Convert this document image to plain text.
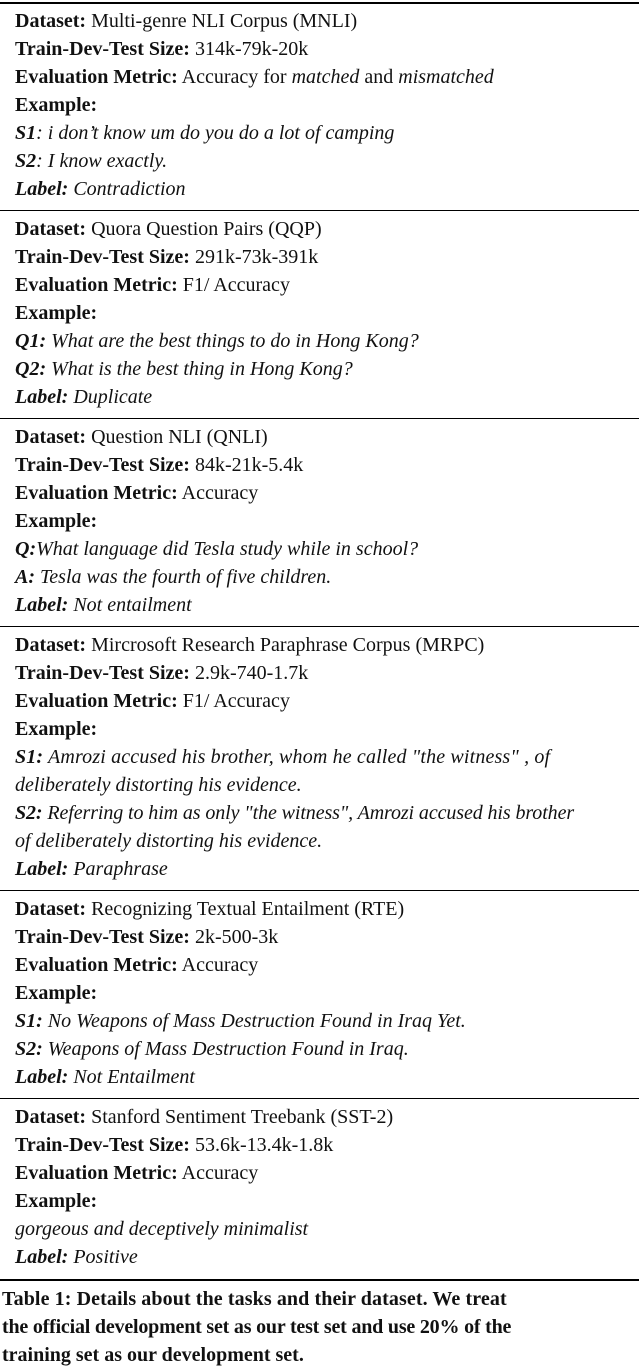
Dataset: Multi-genre NLI Corpus (MNLI)
Train-Dev-Test Size: 314k-79k-20k
Evaluation Metric: Accuracy for matched and mismatched
Example:
S1: i don’t know um do you do a lot of camping
S2: I know exactly.
Label: Contradiction
Dataset: Quora Question Pairs (QQP)
Train-Dev-Test Size: 291k-73k-391k
Evaluation Metric: F1/ Accuracy
Example:
Q1: What are the best things to do in Hong Kong?
Q2: What is the best thing in Hong Kong?
Label: Duplicate
Dataset: Question NLI (QNLI)
Train-Dev-Test Size: 84k-21k-5.4k
Evaluation Metric: Accuracy
Example:
Q:What language did Tesla study while in school?
A: Tesla was the fourth of five children.
Label: Not entailment
Dataset: Mircrosoft Research Paraphrase Corpus (MRPC)
Train-Dev-Test Size: 2.9k-740-1.7k
Evaluation Metric: F1/ Accuracy
Example:
S1: Amrozi accused his brother, whom he called "the witness" , of
deliberately distorting his evidence.
S2: Referring to him as only "the witness", Amrozi accused his brother
of deliberately distorting his evidence.
Label: Paraphrase
Dataset: Recognizing Textual Entailment (RTE)
Train-Dev-Test Size: 2k-500-3k
Evaluation Metric: Accuracy
Example:
S1: No Weapons of Mass Destruction Found in Iraq Yet.
S2: Weapons of Mass Destruction Found in Iraq.
Label: Not Entailment
Dataset: Stanford Sentiment Treebank (SST-2)
Train-Dev-Test Size: 53.6k-13.4k-1.8k
Evaluation Metric: Accuracy
Example:
gorgeous and deceptively minimalist
Label: Positive
Table 1: Details about the tasks and their dataset. We treat
the official development set as our test set and use 20% of the
training set as our development set.
